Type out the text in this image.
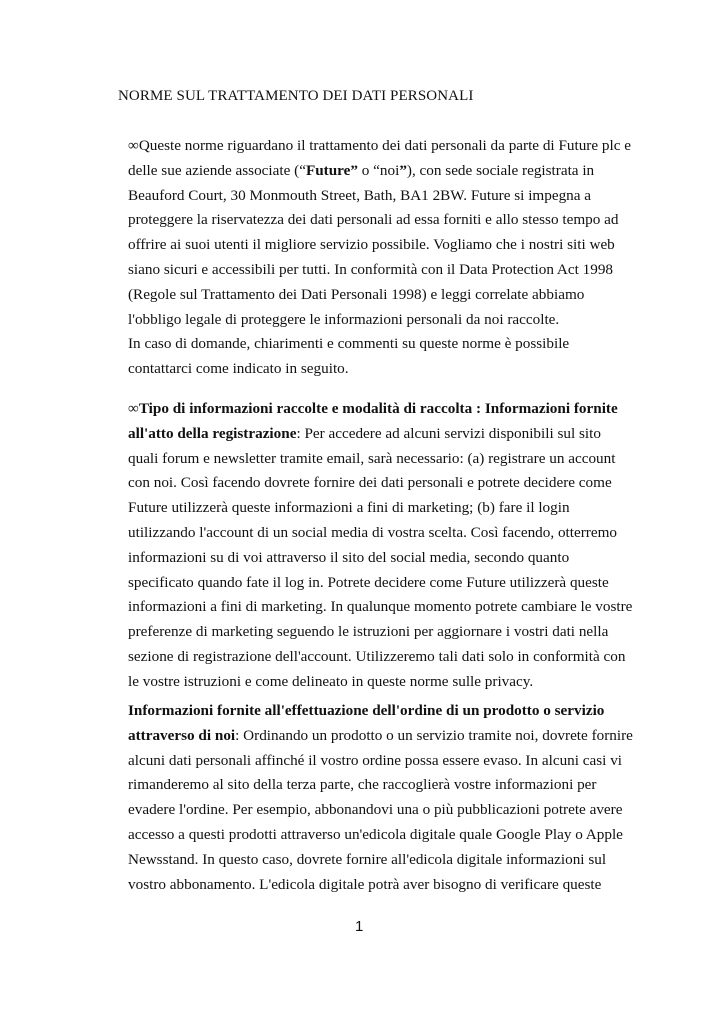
NORME SUL TRATTAMENTO DEI DATI PERSONALI
∞Queste norme riguardano il trattamento dei dati personali da parte di Future plc e
delle sue aziende associate (“Future” o “noi”), con sede sociale registrata in
Beauford Court, 30 Monmouth Street, Bath, BA1 2BW. Future si impegna a
proteggere la riservatezza dei dati personali ad essa forniti e allo stesso tempo ad
offrire ai suoi utenti il migliore servizio possibile. Vogliamo che i nostri siti web
siano sicuri e accessibili per tutti. In conformità con il Data Protection Act 1998
(Regole sul Trattamento dei Dati Personali 1998) e leggi correlate abbiamo
l'obbligo legale di proteggere le informazioni personali da noi raccolte.
In caso di domande, chiarimenti e commenti su queste norme è possibile
contattarci come indicato in seguito.
∞Tipo di informazioni raccolte e modalità di raccolta : Informazioni fornite
all'atto della registrazione: Per accedere ad alcuni servizi disponibili sul sito
quali forum e newsletter tramite email, sarà necessario: (a) registrare un account
con noi. Così facendo dovrete fornire dei dati personali e potrete decidere come
Future utilizzerà queste informazioni a fini di marketing; (b) fare il login
utilizzando l'account di un social media di vostra scelta. Così facendo, otterremo
informazioni su di voi attraverso il sito del social media, secondo quanto
specificato quando fate il log in. Potrete decidere come Future utilizzerà queste
informazioni a fini di marketing. In qualunque momento potrete cambiare le vostre
preferenze di marketing seguendo le istruzioni per aggiornare i vostri dati nella
sezione di registrazione dell'account. Utilizzeremo tali dati solo in conformità con
le vostre istruzioni e come delineato in queste norme sulle privacy.
Informazioni fornite all'effettuazione dell'ordine di un prodotto o servizio
attraverso di noi: Ordinando un prodotto o un servizio tramite noi, dovrete fornire
alcuni dati personali affinché il vostro ordine possa essere evaso. In alcuni casi vi
rimanderemo al sito della terza parte, che raccoglierà vostre informazioni per
evadere l'ordine. Per esempio, abbonandovi una o più pubblicazioni potrete avere
accesso a questi prodotti attraverso un'edicola digitale quale Google Play o Apple
Newsstand. In questo caso, dovrete fornire all'edicola digitale informazioni sul
vostro abbonamento. L'edicola digitale potrà aver bisogno di verificare queste
1
